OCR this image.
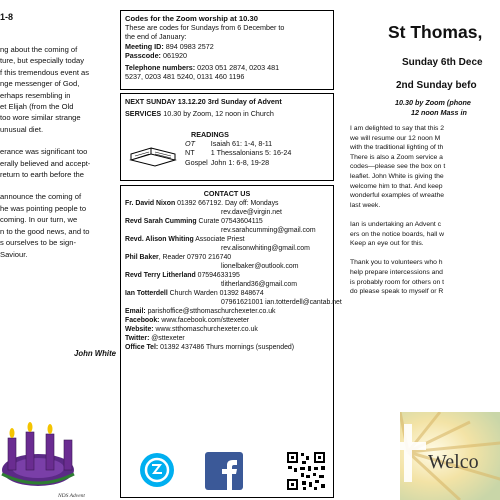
1-8
ng about the coming of
ture, but especially today
f this tremendous event as
nge messenger of God,
erhaps resembling in
et Elijah (from the Old
too wore similar strange
unusual diet.
erance was significant too
erally believed and accept-
return to earth before the
announce the coming of
he was pointing people to
coming. In our turn, we
n to the good news, and to
s ourselves to be sign-
Saviour.
John White
NDS Advent
Codes for the Zoom worship at 10.30
These are codes for Sundays from 6 December to
the end of January:
Meeting ID: 894 0983 2572
Passcode: 061920
Telephone numbers: 0203 051 2874, 0203 481
5237, 0203 481 5240, 0131 460 1196
NEXT SUNDAY 13.12.20 3rd Sunday of Advent
SERVICES 10.30 by Zoom, 12 noon in Church
READINGS
OT	Isaiah 61: 1-4, 8-11
NT	1 Thessalonians 5: 16-24
Gospel	John 1: 6-8, 19-28
CONTACT US
Fr. David Nixon 01392 667192. Day off: Mondays
rev.dave@virgin.net
Revd Sarah Cumming Curate 07543604115
rev.sarahcumming@gmail.com
Revd. Alison Whiting Associate Priest
rev.alisonwhiting@gmail.com
Phil Baker, Reader 07970 216740
lionelbaker@outlook.com
Revd Terry Litherland 07594633195
tlitherland36@gmail.com
Ian Totterdell Church Warden 01392 848674
07961621001 ian.totterdell@cantab.net
Email: parishoffice@stthomaschurchexeter.co.uk
Facebook: www.facebook.com/sttexeter
Website: www.stthomaschurchexeter.co.uk
Twitter: @sttexeter
Office Tel: 01392 437486 Thurs mornings (suspended)
St Thomas,
Sunday 6th Dece
2nd Sunday befo
10.30 by Zoom (phone
12 noon Mass in
I am delighted to say that this 2
we will resume our 12 noon M
with the traditional lighting of th
There is also a Zoom service a
codes—please see the box on t
leaflet. John White is giving the
welcome him to that. And keep
wonderful examples of wreathe
last week.
Ian is undertaking an Advent c
ers on the notice boards, hall w
Keep an eye out for this.
Thank you to volunteers who h
help prepare intercessions and
is probably room for others on t
do please speak to myself or R
Welco
